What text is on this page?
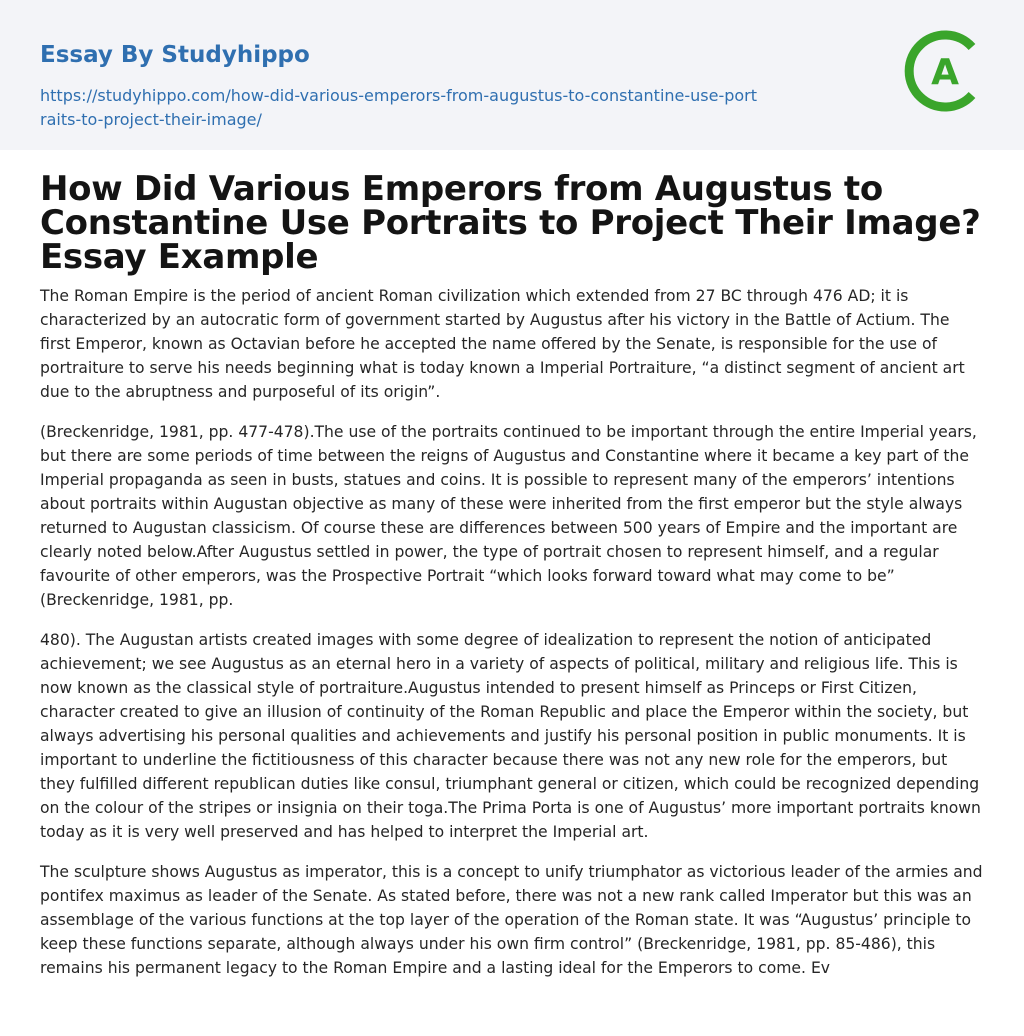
Essay By Studyhippo

https://studyhippo.com/how-did-various-emperors-from-augustus-to-constantine-use-portraits-to-project-their-image/
A
How Did Various Emperors from Augustus to Constantine Use Portraits to Project Their Image? Essay Example

The Roman Empire is the period of ancient Roman civilization which extended from 27 BC through 476 AD; it is characterized by an autocratic form of government started by Augustus after his victory in the Battle of Actium. The first Emperor, known as Octavian before he accepted the name offered by the Senate, is responsible for the use of portraiture to serve his needs beginning what is today known a Imperial Portraiture, “a distinct segment of ancient art due to the abruptness and purposeful of its origin”.

(Breckenridge, 1981, pp. 477-478).The use of the portraits continued to be important through the entire Imperial years, but there are some periods of time between the reigns of Augustus and Constantine where it became a key part of the Imperial propaganda as seen in busts, statues and coins. It is possible to represent many of the emperors’ intentions about portraits within Augustan objective as many of these were inherited from the first emperor but the style always returned to Augustan classicism. Of course these are differences between 500 years of Empire and the important are clearly noted below.After Augustus settled in power, the type of portrait chosen to represent himself, and a regular favourite of other emperors, was the Prospective Portrait “which looks forward toward what may come to be” (Breckenridge, 1981, pp.

480). The Augustan artists created images with some degree of idealization to represent the notion of anticipated achievement; we see Augustus as an eternal hero in a variety of aspects of political, military and religious life. This is now known as the classical style of portraiture.Augustus intended to present himself as Princeps or First Citizen, character created to give an illusion of continuity of the Roman Republic and place the Emperor within the society, but always advertising his personal qualities and achievements and justify his personal position in public monuments. It is important to underline the fictitiousness of this character because there was not any new role for the emperors, but they fulfilled different republican duties like consul, triumphant general or citizen, which could be recognized depending on the colour of the stripes or insignia on their toga.The Prima Porta is one of Augustus’ more important portraits known today as it is very well preserved and has helped to interpret the Imperial art.

The sculpture shows Augustus as imperator, this is a concept to unify triumphator as victorious leader of the armies and pontifex maximus as leader of the Senate. As stated before, there was not a new rank called Imperator but this was an assemblage of the various functions at the top layer of the operation of the Roman state. It was “Augustus’ principle to keep these functions separate, although always under his own firm control” (Breckenridge, 1981, pp. 85-486), this remains his permanent legacy to the Roman Empire and a lasting ideal for the Emperors to come. Ev
